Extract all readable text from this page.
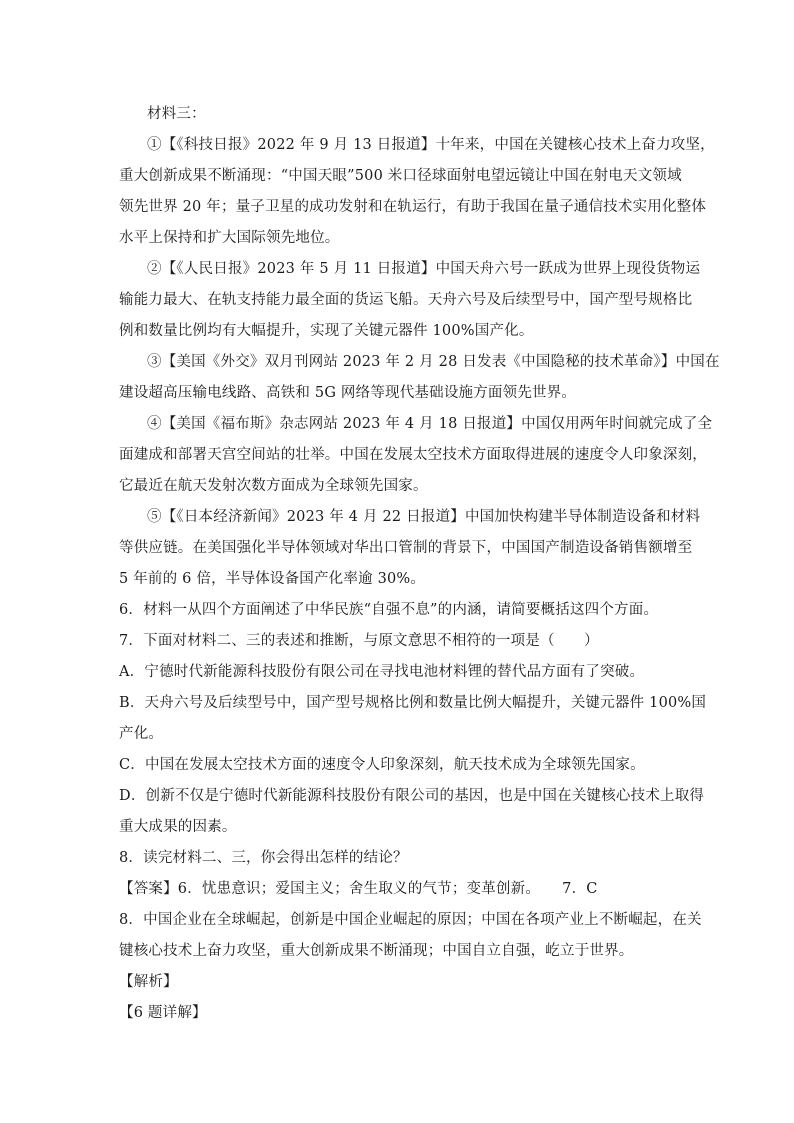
材料三：
①【《科技日报》2022 年 9 月 13 日报道】十年来，中国在关键核心技术上奋力攻坚，
重大创新成果不断涌现：“中国天眼”500 米口径球面射电望远镜让中国在射电天文领域
领先世界 20 年；量子卫星的成功发射和在轨运行，有助于我国在量子通信技术实用化整体
水平上保持和扩大国际领先地位。
②【《人民日报》2023 年 5 月 11 日报道】中国天舟六号一跃成为世界上现役货物运
输能力最大、在轨支持能力最全面的货运飞船。天舟六号及后续型号中，国产型号规格比
例和数量比例均有大幅提升，实现了关键元器件 100%国产化。
③【美国《外交》双月刊网站 2023 年 2 月 28 日发表《中国隐秘的技术革命》】中国在
建设超高压输电线路、高铁和 5G 网络等现代基础设施方面领先世界。
④【美国《福布斯》杂志网站 2023 年 4 月 18 日报道】中国仅用两年时间就完成了全
面建成和部署天宫空间站的壮举。中国在发展太空技术方面取得进展的速度令人印象深刻，
它最近在航天发射次数方面成为全球领先国家。
⑤【《日本经济新闻》2023 年 4 月 22 日报道】中国加快构建半导体制造设备和材料
等供应链。在美国强化半导体领域对华出口管制的背景下，中国国产制造设备销售额增至
5 年前的 6 倍，半导体设备国产化率逾 30%。
6．材料一从四个方面阐述了中华民族“自强不息”的内涵，请简要概括这四个方面。
7．下面对材料二、三的表述和推断，与原文意思不相符的一项是（　　）
A．宁德时代新能源科技股份有限公司在寻找电池材料锂的替代品方面有了突破。
B．天舟六号及后续型号中，国产型号规格比例和数量比例大幅提升，关键元器件 100%国
产化。
C．中国在发展太空技术方面的速度令人印象深刻，航天技术成为全球领先国家。
D．创新不仅是宁德时代新能源科技股份有限公司的基因，也是中国在关键核心技术上取得
重大成果的因素。
8．读完材料二、三，你会得出怎样的结论？
【答案】6．忧患意识；爱国主义；舍生取义的气节；变革创新。　　7．C
8．中国企业在全球崛起，创新是中国企业崛起的原因；中国在各项产业上不断崛起，在关
键核心技术上奋力攻坚，重大创新成果不断涌现；中国自立自强，屹立于世界。
【解析】
【6 题详解】
